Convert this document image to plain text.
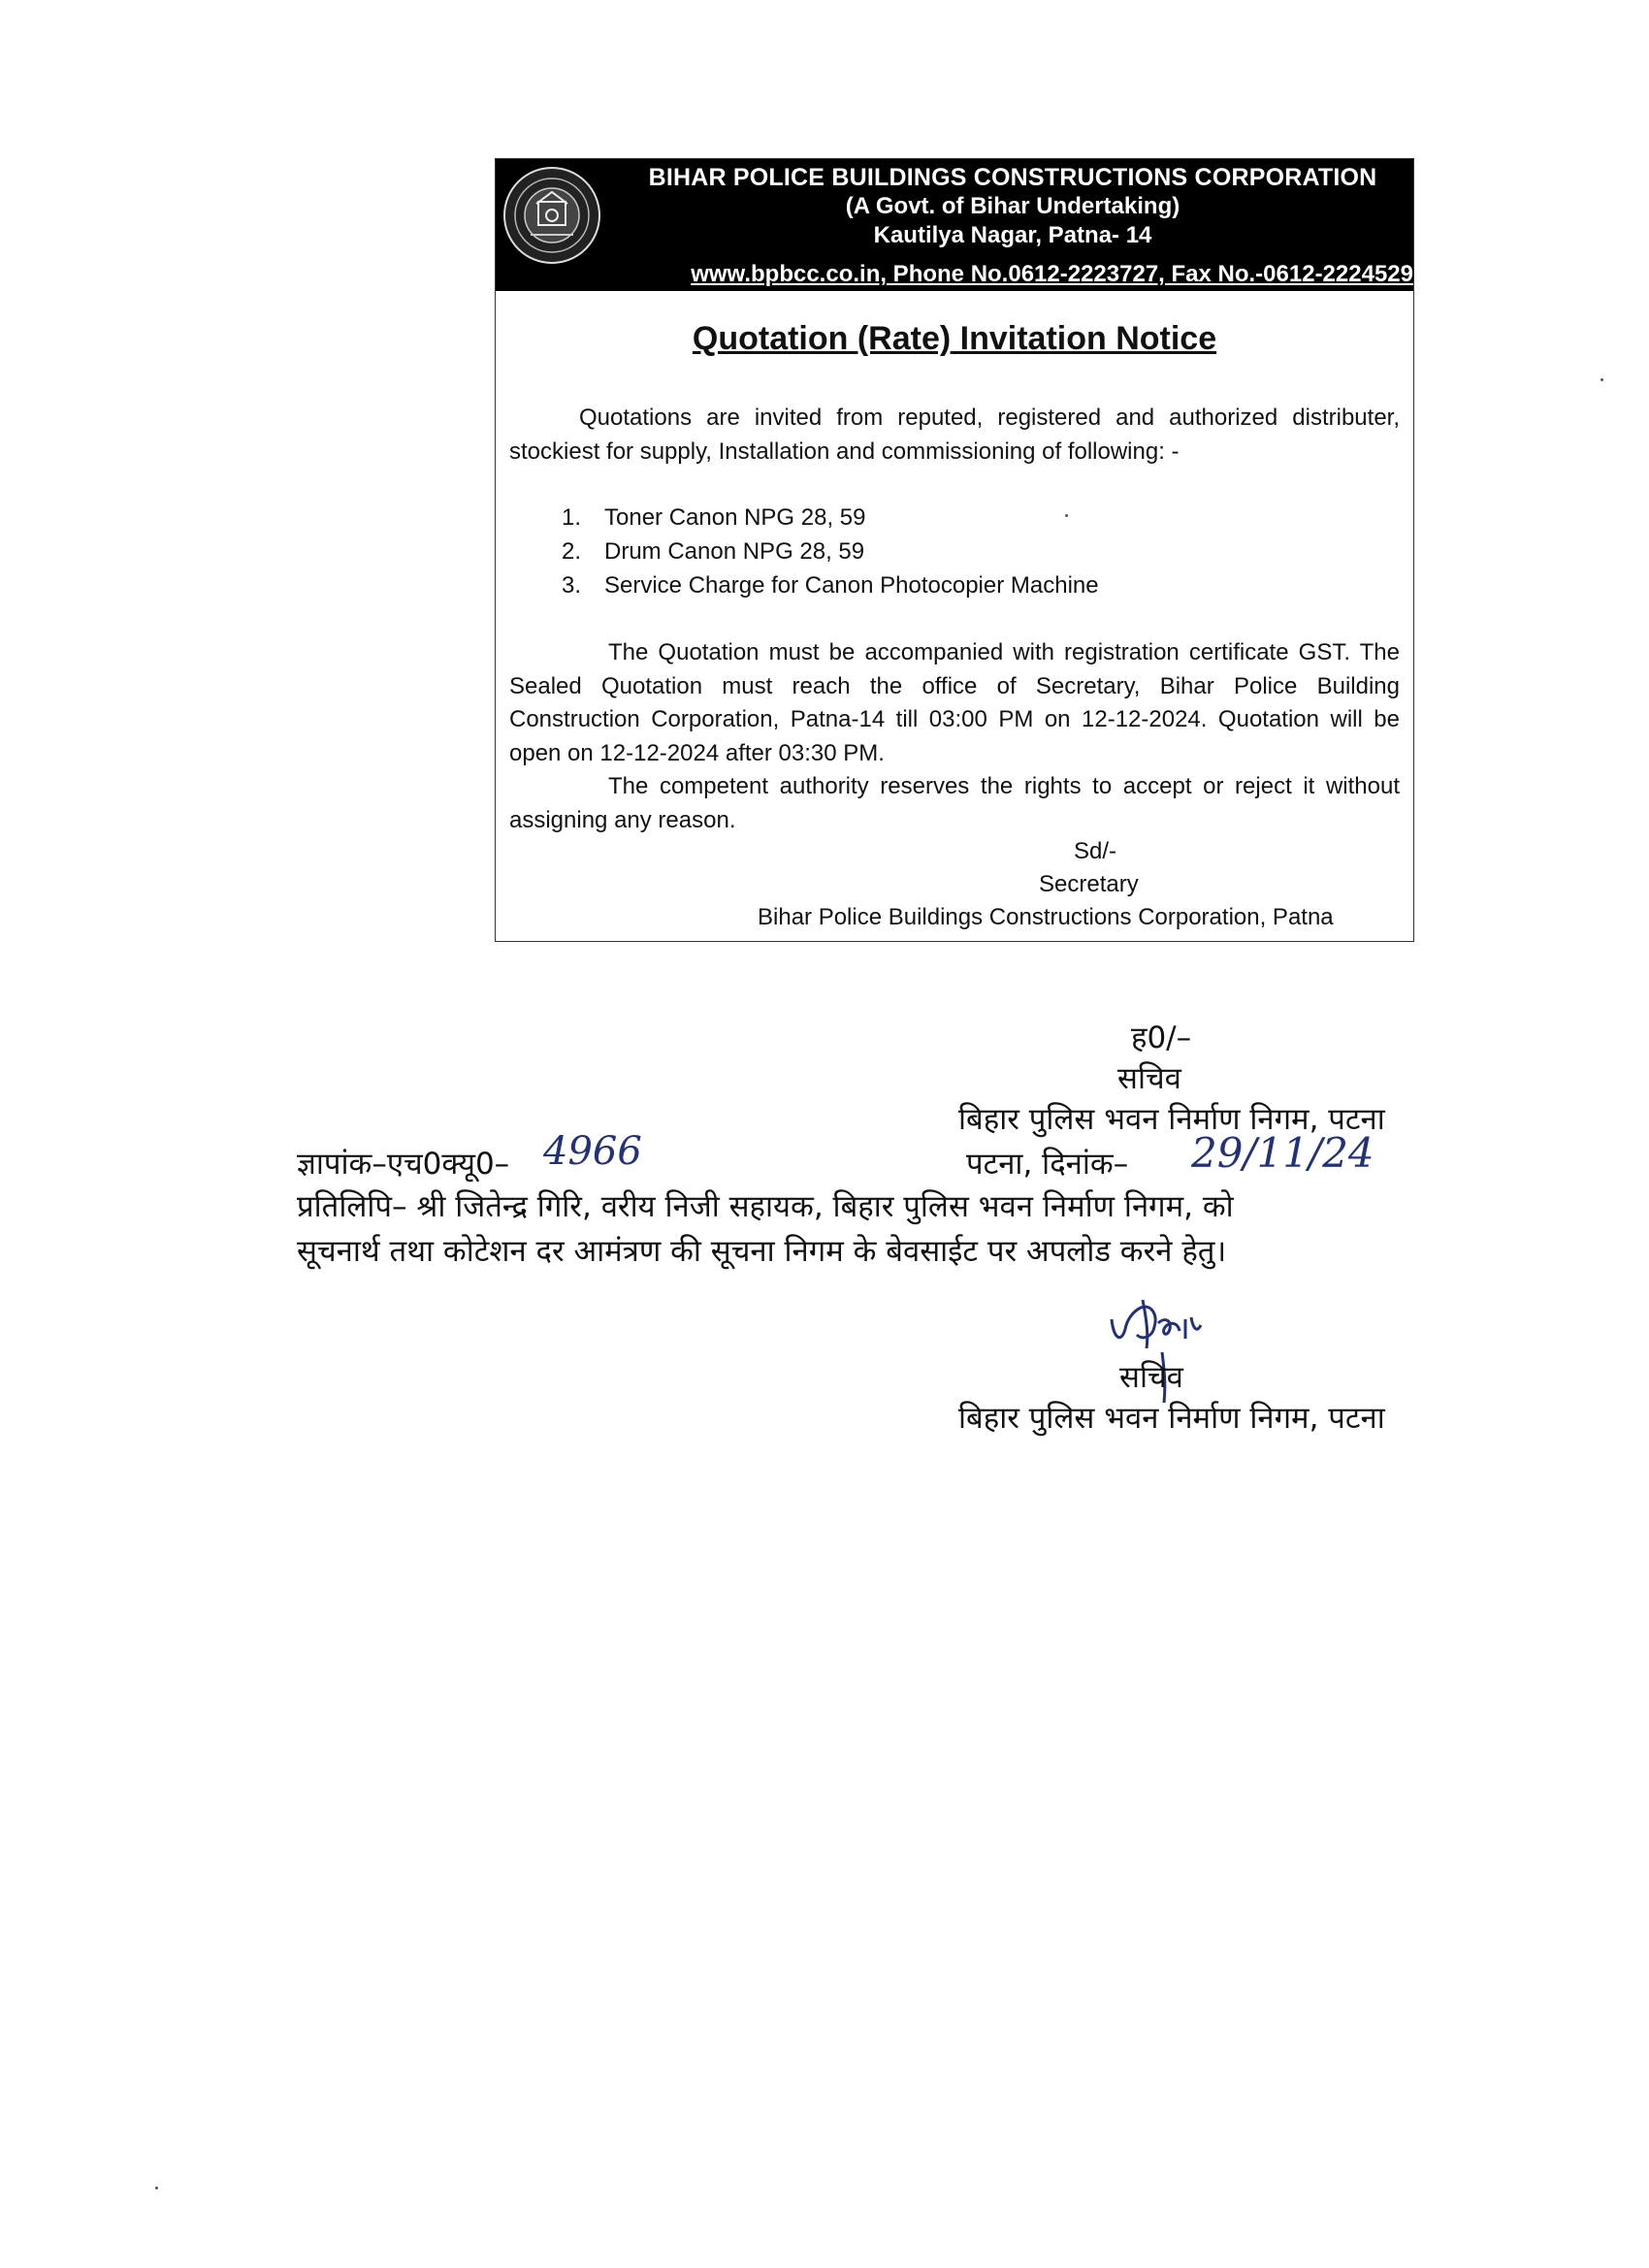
BIHAR POLICE BUILDINGS CONSTRUCTIONS CORPORATION
(A Govt. of Bihar Undertaking)
Kautilya Nagar, Patna- 14
www.bpbcc.co.in, Phone No.0612-2223727, Fax No.-0612-2224529
Quotation (Rate) Invitation Notice
Quotations are invited from reputed, registered and authorized distributer, stockiest for supply, Installation and commissioning of following: -
1. Toner Canon NPG 28, 59
2. Drum Canon NPG 28, 59
3. Service Charge for Canon Photocopier Machine
The Quotation must be accompanied with registration certificate GST. The Sealed Quotation must reach the office of Secretary, Bihar Police Building Construction Corporation, Patna-14 till 03:00 PM on 12-12-2024. Quotation will be open on 12-12-2024 after 03:30 PM.
The competent authority reserves the rights to accept or reject it without assigning any reason.
Sd/-
Secretary
Bihar Police Buildings Constructions Corporation, Patna
ह0/–
सचिव
बिहार पुलिस भवन निर्माण निगम, पटना
ज्ञापांक–एच0क्यू0– 4966	पटना, दिनांक– 29/11/24
प्रतिलिपि– श्री जितेन्द्र गिरि, वरीय निजी सहायक, बिहार पुलिस भवन निर्माण निगम, को
सूचनार्थ तथा कोटेशन दर आमंत्रण की सूचना निगम के बेवसाईट पर अपलोड करने हेतु।
सचिव
बिहार पुलिस भवन निर्माण निगम, पटना
